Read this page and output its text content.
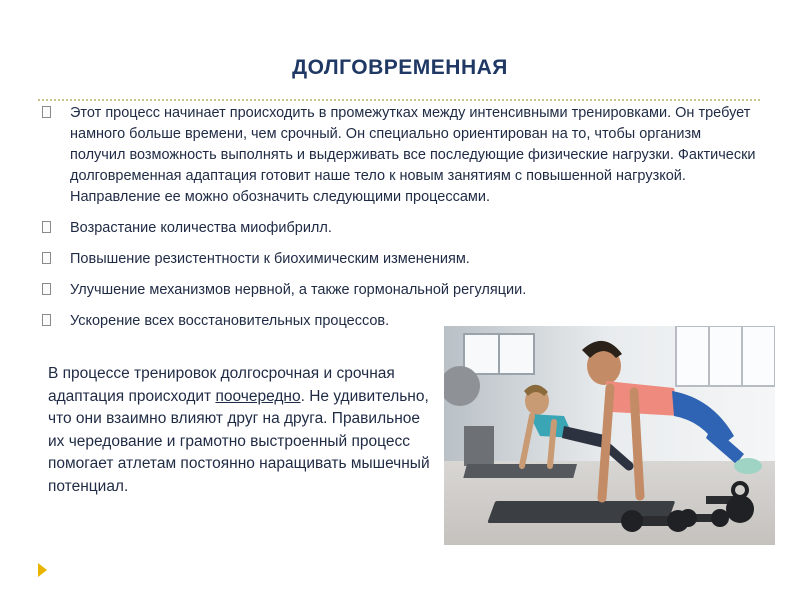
ДОЛГОВРЕМЕННАЯ
Этот процесс начинает происходить в промежутках между интенсивными тренировками. Он требует намного больше времени, чем срочный. Он специально ориентирован на то, чтобы организм получил возможность выполнять и выдерживать все последующие физические нагрузки. Фактически долговременная адаптация готовит наше тело к новым занятиям с повышенной нагрузкой. Направление ее можно обозначить следующими процессами.
Возрастание количества миофибрилл.
Повышение резистентности к биохимическим изменениям.
Улучшение механизмов нервной, а также гормональной регуляции.
Ускорение всех восстановительных процессов.
В процессе тренировок долгосрочная и срочная адаптация происходит поочередно. Не удивительно, что они взаимно влияют друг на друга. Правильное их чередование и грамотно выстроенный процесс помогает атлетам постоянно наращивать мышечный потенциал.
